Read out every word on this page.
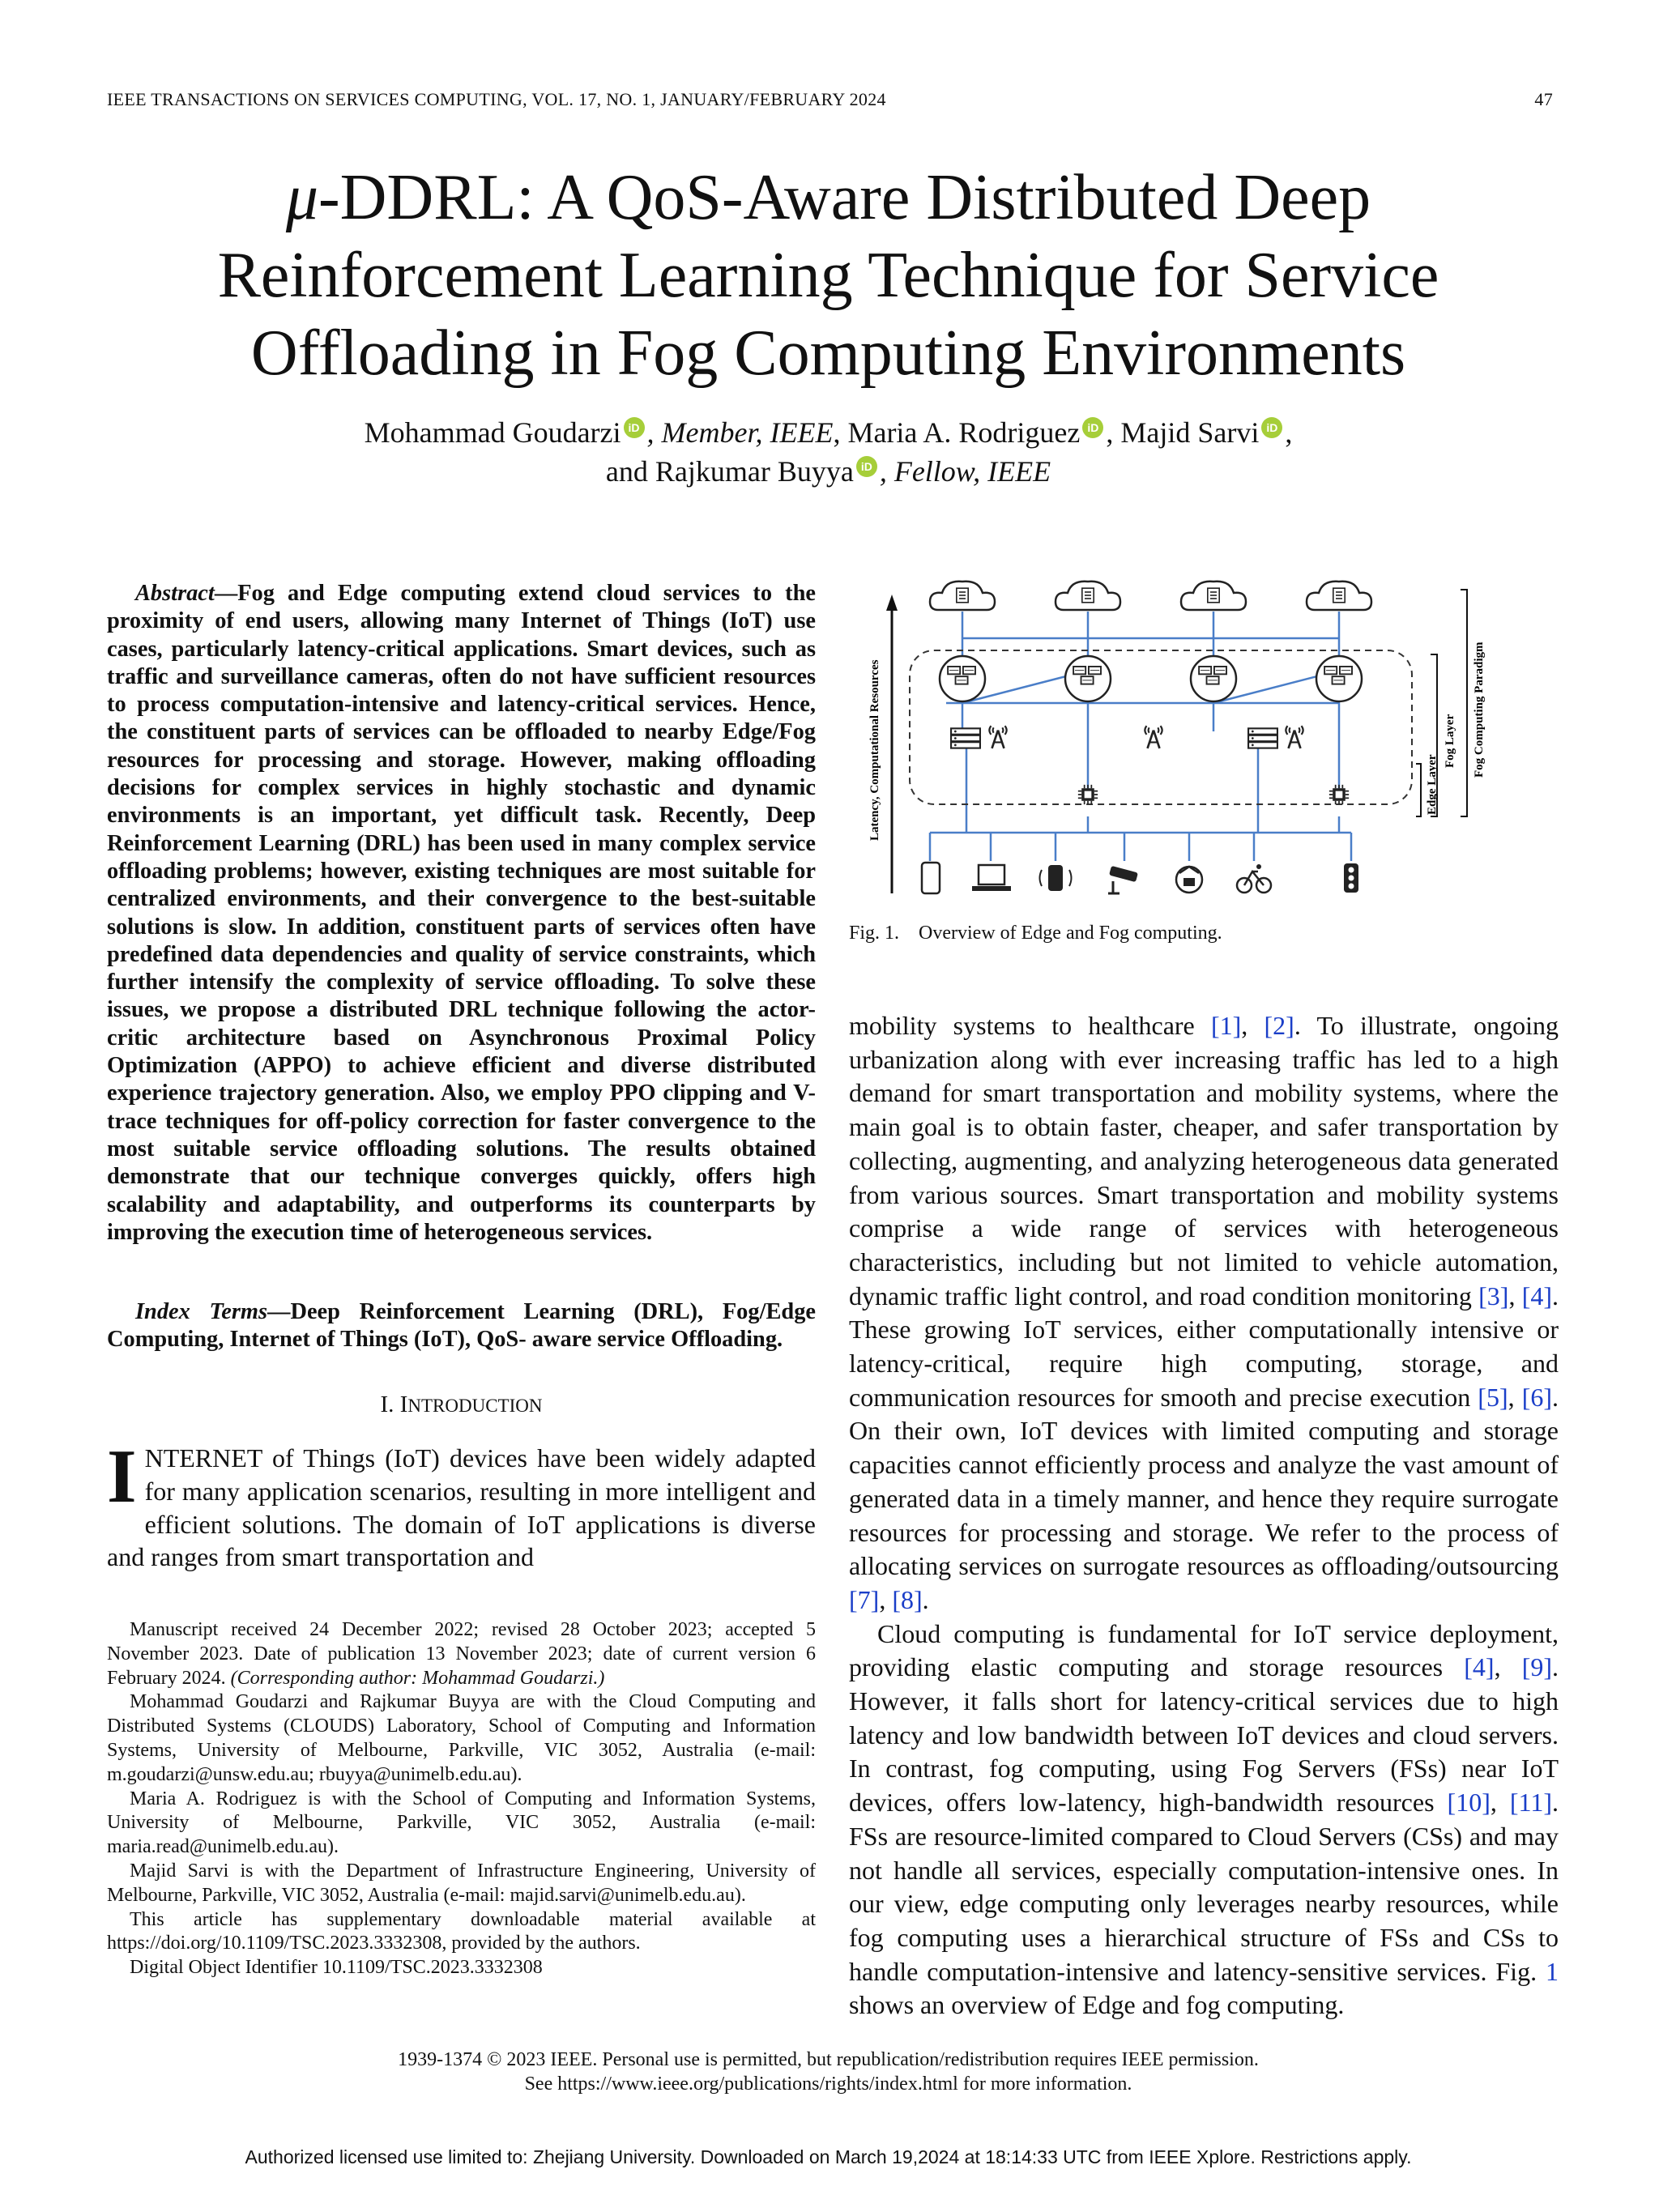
IEEE TRANSACTIONS ON SERVICES COMPUTING, VOL. 17, NO. 1, JANUARY/FEBRUARY 2024	47
μ-DDRL: A QoS-Aware Distributed Deep Reinforcement Learning Technique for Service Offloading in Fog Computing Environments
Mohammad Goudarzi iD , Member, IEEE, Maria A. Rodriguez iD , Majid Sarvi iD ,
and Rajkumar Buyya iD , Fellow, IEEE
Abstract—Fog and Edge computing extend cloud services to the proximity of end users, allowing many Internet of Things (IoT) use cases, particularly latency-critical applications. Smart devices, such as traffic and surveillance cameras, often do not have sufficient resources to process computation-intensive and latency-critical services. Hence, the constituent parts of services can be offloaded to nearby Edge/Fog resources for processing and storage. However, making offloading decisions for complex services in highly stochastic and dynamic environments is an important, yet difficult task. Recently, Deep Reinforcement Learning (DRL) has been used in many complex service offloading problems; however, existing techniques are most suitable for centralized environments, and their convergence to the best-suitable solutions is slow. In addition, constituent parts of services often have predefined data dependencies and quality of service constraints, which further intensify the complexity of service offloading. To solve these issues, we propose a distributed DRL technique following the actor-critic architecture based on Asynchronous Proximal Policy Optimization (APPO) to achieve efficient and diverse distributed experience trajectory generation. Also, we employ PPO clipping and V-trace techniques for off-policy correction for faster convergence to the most suitable service offloading solutions. The results obtained demonstrate that our technique converges quickly, offers high scalability and adaptability, and outperforms its counterparts by improving the execution time of heterogeneous services.
Index Terms—Deep Reinforcement Learning (DRL), Fog/Edge Computing, Internet of Things (IoT), QoS- aware service Offloading.
I. INTRODUCTION
INTERNET of Things (IoT) devices have been widely adapted for many application scenarios, resulting in more intelligent and efficient solutions. The domain of IoT applications is diverse and ranges from smart transportation and

Manuscript received 24 December 2022; revised 28 October 2023; accepted 5 November 2023. Date of publication 13 November 2023; date of current version 6 February 2024. (Corresponding author: Mohammad Goudarzi.)

Mohammad Goudarzi and Rajkumar Buyya are with the Cloud Computing and Distributed Systems (CLOUDS) Laboratory, School of Computing and Information Systems, University of Melbourne, Parkville, VIC 3052, Australia (e-mail: m.goudarzi@unsw.edu.au; rbuyya@unimelb.edu.au).

Maria A. Rodriguez is with the School of Computing and Information Systems, University of Melbourne, Parkville, VIC 3052, Australia (e-mail: maria.read@unimelb.edu.au).

Majid Sarvi is with the Department of Infrastructure Engineering, University of Melbourne, Parkville, VIC 3052, Australia (e-mail: majid.sarvi@unimelb.edu.au).

This article has supplementary downloadable material available at https://doi.org/10.1109/TSC.2023.3332308, provided by the authors.

Digital Object Identifier 10.1109/TSC.2023.3332308

Latency, Computational Resources	Edge Layer
Fog Layer Fog Computing Paradigm
Fig. 1. Overview of Edge and Fog computing.

mobility systems to healthcare [1], [2]. To illustrate, ongoing urbanization along with ever increasing traffic has led to a high demand for smart transportation and mobility systems, where the main goal is to obtain faster, cheaper, and safer transportation by collecting, augmenting, and analyzing heterogeneous data generated from various sources. Smart transportation and mobility systems comprise a wide range of services with heterogeneous characteristics, including but not limited to vehicle automation, dynamic traffic light control, and road condition monitoring [3], [4]. These growing IoT services, either computationally intensive or latency-critical, require high computing, storage, and communication resources for smooth and precise execution [5], [6]. On their own, IoT devices with limited computing and storage capacities cannot efficiently process and analyze the vast amount of generated data in a timely manner, and hence they require surrogate resources for processing and storage. We refer to the process of allocating services on surrogate resources as offloading/outsourcing [7], [8].

Cloud computing is fundamental for IoT service deployment, providing elastic computing and storage resources [4], [9]. However, it falls short for latency-critical services due to high latency and low bandwidth between IoT devices and cloud servers. In contrast, fog computing, using Fog Servers (FSs) near IoT devices, offers low-latency, high-bandwidth resources [10], [11]. FSs are resource-limited compared to Cloud Servers (CSs) and may not handle all services, especially computation-intensive ones. In our view, edge computing only leverages nearby resources, while fog computing uses a hierarchical structure of FSs and CSs to handle computation-intensive and latency-sensitive services. Fig. 1 shows an overview of Edge and fog computing.

1939-1374 © 2023 IEEE. Personal use is permitted, but republication/redistribution requires IEEE permission.
See https://www.ieee.org/publications/rights/index.html for more information.
Authorized licensed use limited to: Zhejiang University. Downloaded on March 19,2024 at 18:14:33 UTC from IEEE Xplore. Restrictions apply.
